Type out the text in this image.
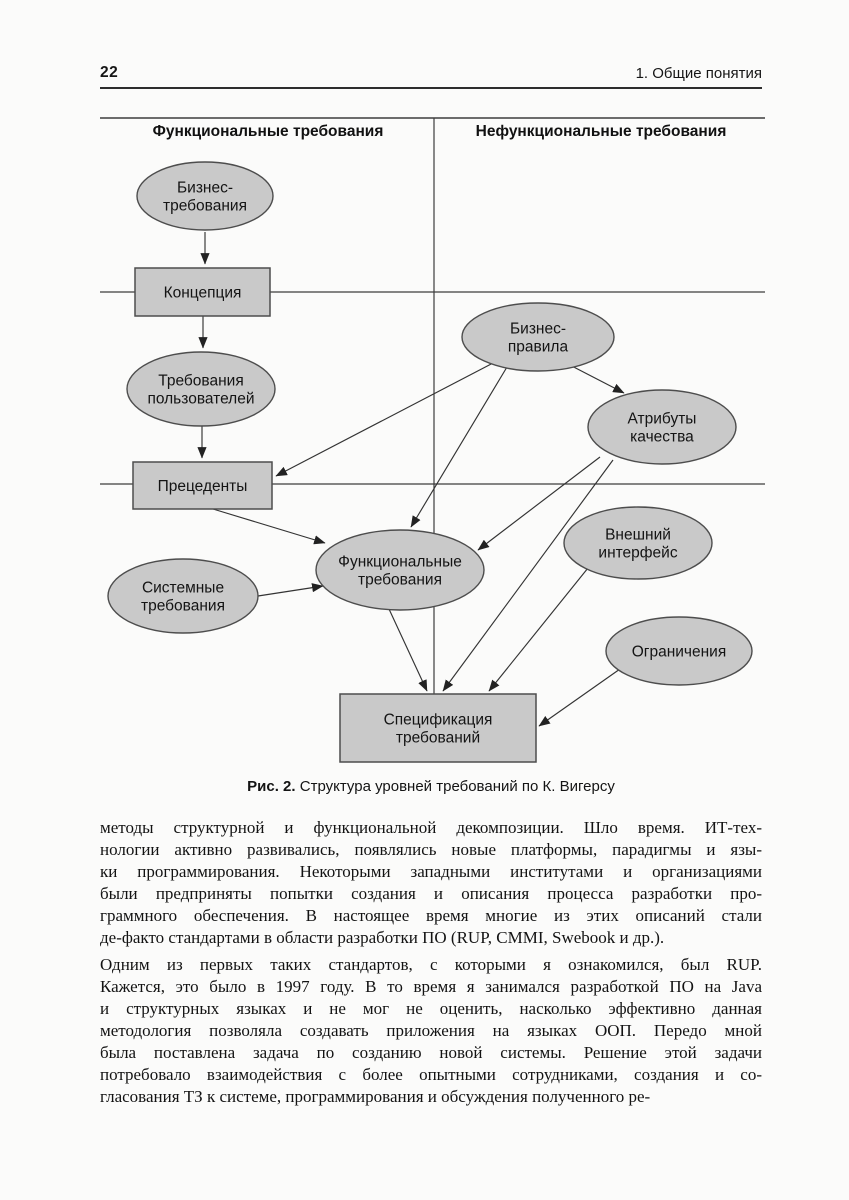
22	1. Общие понятия
Функциональные требования	Нефункциональные требования
Бизнес-требования
Концепция
Требования пользователей
Прецеденты
Бизнес-правила
Атрибуты качества
Внешний интерфейс
Ограничения
Системные требования
Функциональные требования
Спецификация требований
Рис. 2. Структура уровней требований по К. Вигерсу
методы структурной и функциональной декомпозиции. Шло время. ИТ-тех-
нологии активно развивались, появлялись новые платформы, парадигмы и язы-
ки программирования. Некоторыми западными институтами и организациями
были предприняты попытки создания и описания процесса разработки про-
граммного обеспечения. В настоящее время многие из этих описаний стали
де-факто стандартами в области разработки ПО (RUP, CMMI, Swebook и др.).
Одним из первых таких стандартов, с которыми я ознакомился, был RUP.
Кажется, это было в 1997 году. В то время я занимался разработкой ПО на Java
и структурных языках и не мог не оценить, насколько эффективно данная
методология позволяла создавать приложения на языках ООП. Передо мной
была поставлена задача по созданию новой системы. Решение этой задачи
потребовало взаимодействия с более опытными сотрудниками, создания и со-
гласования ТЗ к системе, программирования и обсуждения полученного ре-
